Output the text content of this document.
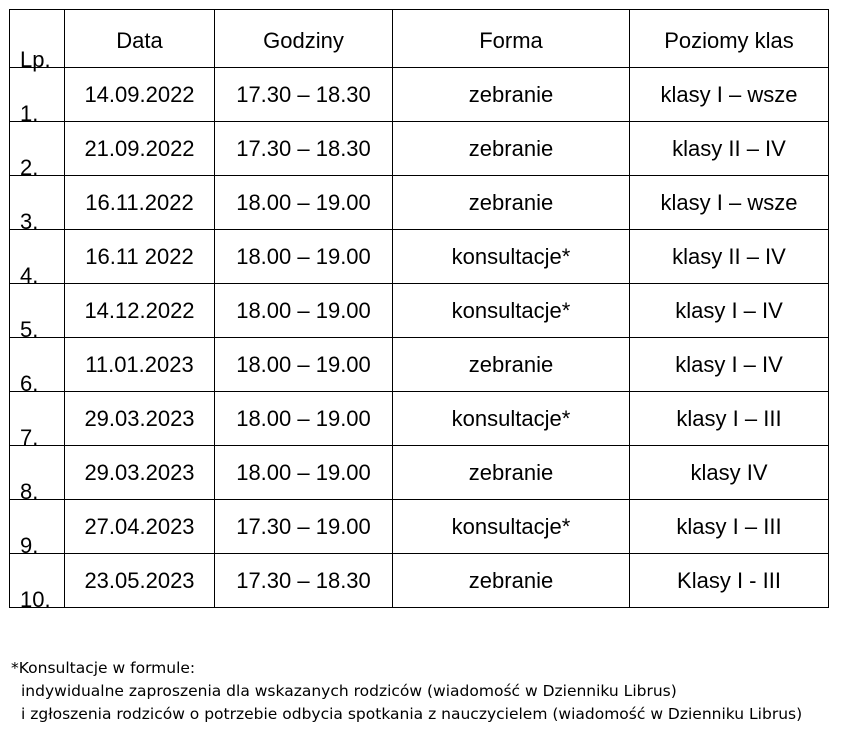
Lp.	Data	Godziny	Forma	Poziomy klas
1.	14.09.2022	17.30 – 18.30	zebranie	klasy I – wsze
2.	21.09.2022	17.30 – 18.30	zebranie	klasy II – IV
3.	16.11.2022	18.00 – 19.00	zebranie	klasy I – wsze
4.	16.11 2022	18.00 – 19.00	konsultacje*	klasy II – IV
5.	14.12.2022	18.00 – 19.00	konsultacje*	klasy I – IV
6.	11.01.2023	18.00 – 19.00	zebranie	klasy I – IV
7.	29.03.2023	18.00 – 19.00	konsultacje*	klasy I – III
8.	29.03.2023	18.00 – 19.00	zebranie	klasy IV
9.	27.04.2023	17.30 – 19.00	konsultacje*	klasy I – III
10.	23.05.2023	17.30 – 18.30	zebranie	Klasy I - III
*Konsultacje w formule:
indywidualne zaproszenia dla wskazanych rodziców (wiadomość w Dzienniku Librus)
i zgłoszenia rodziców o potrzebie odbycia spotkania z nauczycielem (wiadomość w Dzienniku Librus)
